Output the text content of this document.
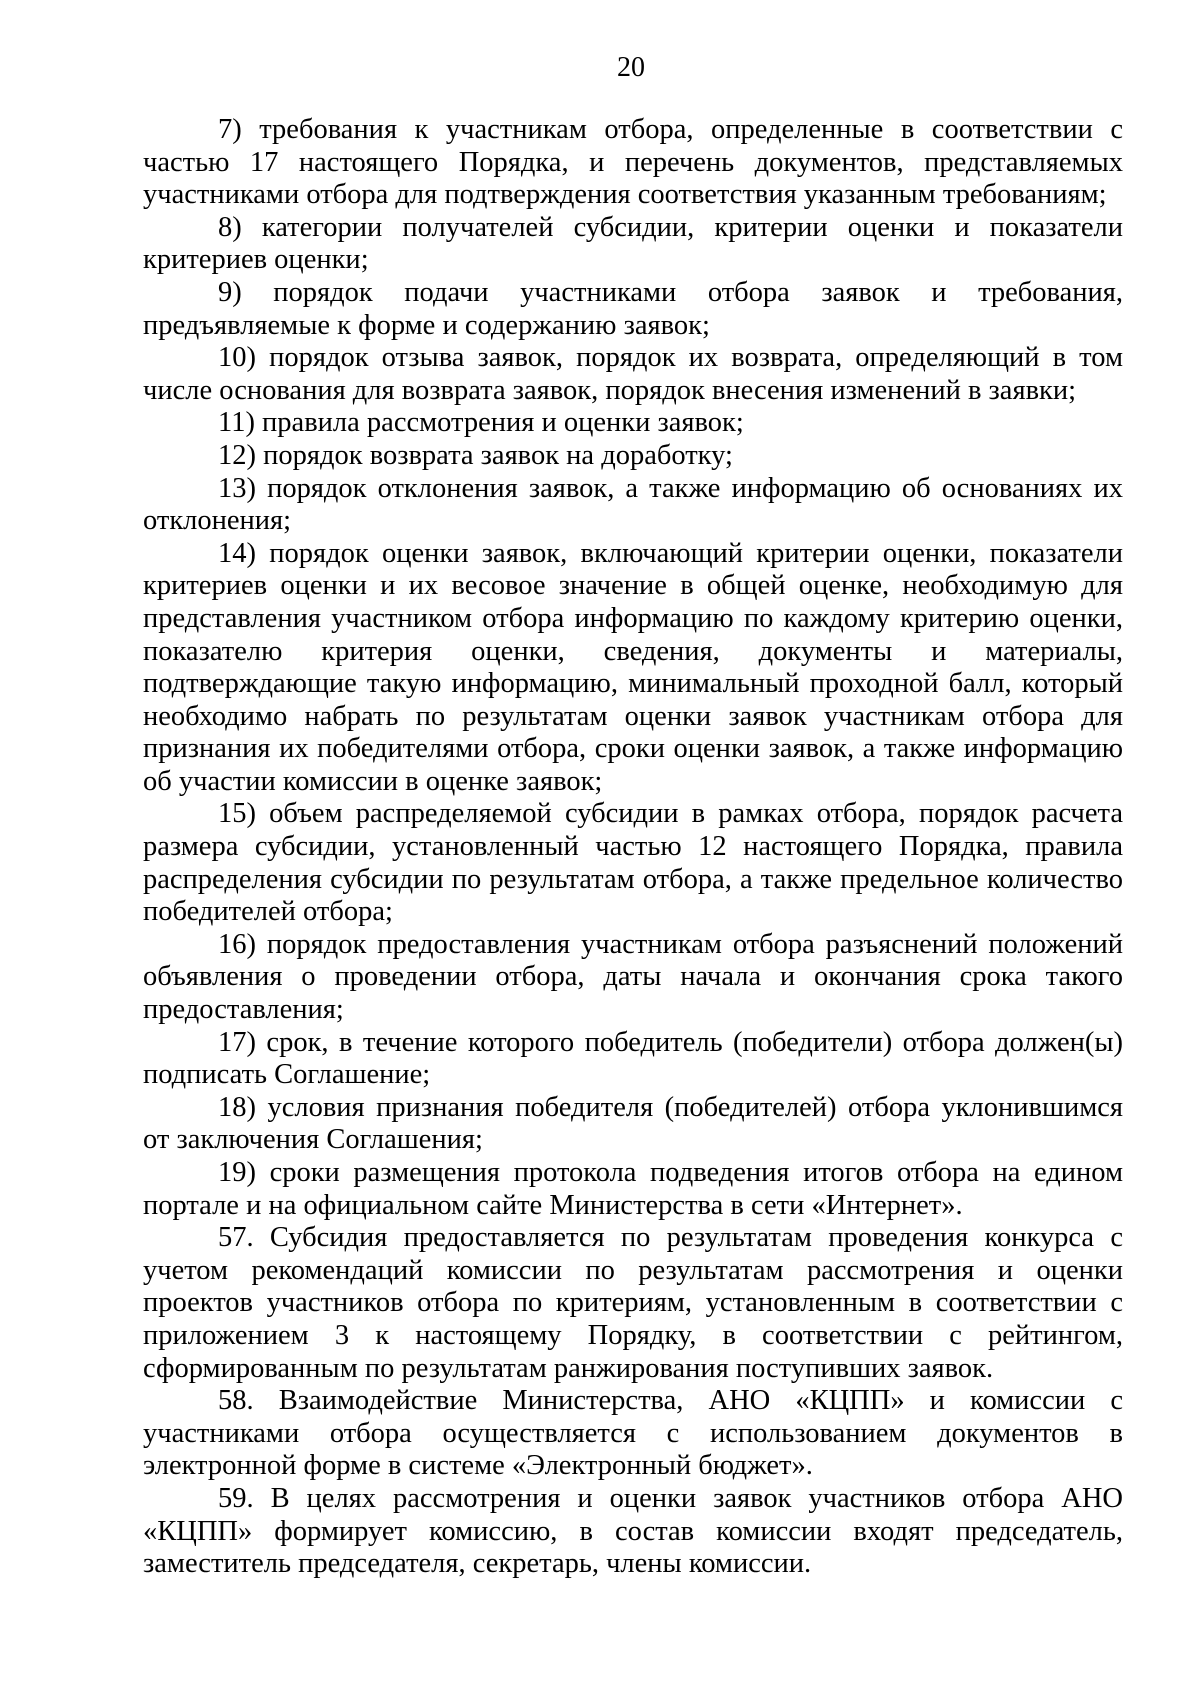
20

7) требования к участникам отбора, определенные в соответствии с частью 17 настоящего Порядка, и перечень документов, представляемых участниками отбора для подтверждения соответствия указанным требованиям;

8) категории получателей субсидии, критерии оценки и показатели критериев оценки;

9) порядок подачи участниками отбора заявок и требования, предъявляемые к форме и содержанию заявок;

10) порядок отзыва заявок, порядок их возврата, определяющий в том числе основания для возврата заявок, порядок внесения изменений в заявки;

11) правила рассмотрения и оценки заявок;

12) порядок возврата заявок на доработку;

13) порядок отклонения заявок, а также информацию об основаниях их отклонения;

14) порядок оценки заявок, включающий критерии оценки, показатели критериев оценки и их весовое значение в общей оценке, необходимую для представления участником отбора информацию по каждому критерию оценки, показателю критерия оценки, сведения, документы и материалы, подтверждающие такую информацию, минимальный проходной балл, который необходимо набрать по результатам оценки заявок участникам отбора для признания их победителями отбора, сроки оценки заявок, а также информацию об участии комиссии в оценке заявок;

15) объем распределяемой субсидии в рамках отбора, порядок расчета размера субсидии, установленный частью 12 настоящего Порядка, правила распределения субсидии по результатам отбора, а также предельное количество победителей отбора;

16) порядок предоставления участникам отбора разъяснений положений объявления о проведении отбора, даты начала и окончания срока такого предоставления;

17) срок, в течение которого победитель (победители) отбора должен(ы) подписать Соглашение;

18) условия признания победителя (победителей) отбора уклонившимся от заключения Соглашения;

19) сроки размещения протокола подведения итогов отбора на едином портале и на официальном сайте Министерства в сети «Интернет».

57. Субсидия предоставляется по результатам проведения конкурса с учетом рекомендаций комиссии по результатам рассмотрения и оценки проектов участников отбора по критериям, установленным в соответствии с приложением 3 к настоящему Порядку, в соответствии с рейтингом, сформированным по результатам ранжирования поступивших заявок.

58. Взаимодействие Министерства, АНО «КЦПП» и комиссии с участниками отбора осуществляется с использованием документов в электронной форме в системе «Электронный бюджет».

59. В целях рассмотрения и оценки заявок участников отбора АНО «КЦПП» формирует комиссию, в состав комиссии входят председатель, заместитель председателя, секретарь, члены комиссии.
